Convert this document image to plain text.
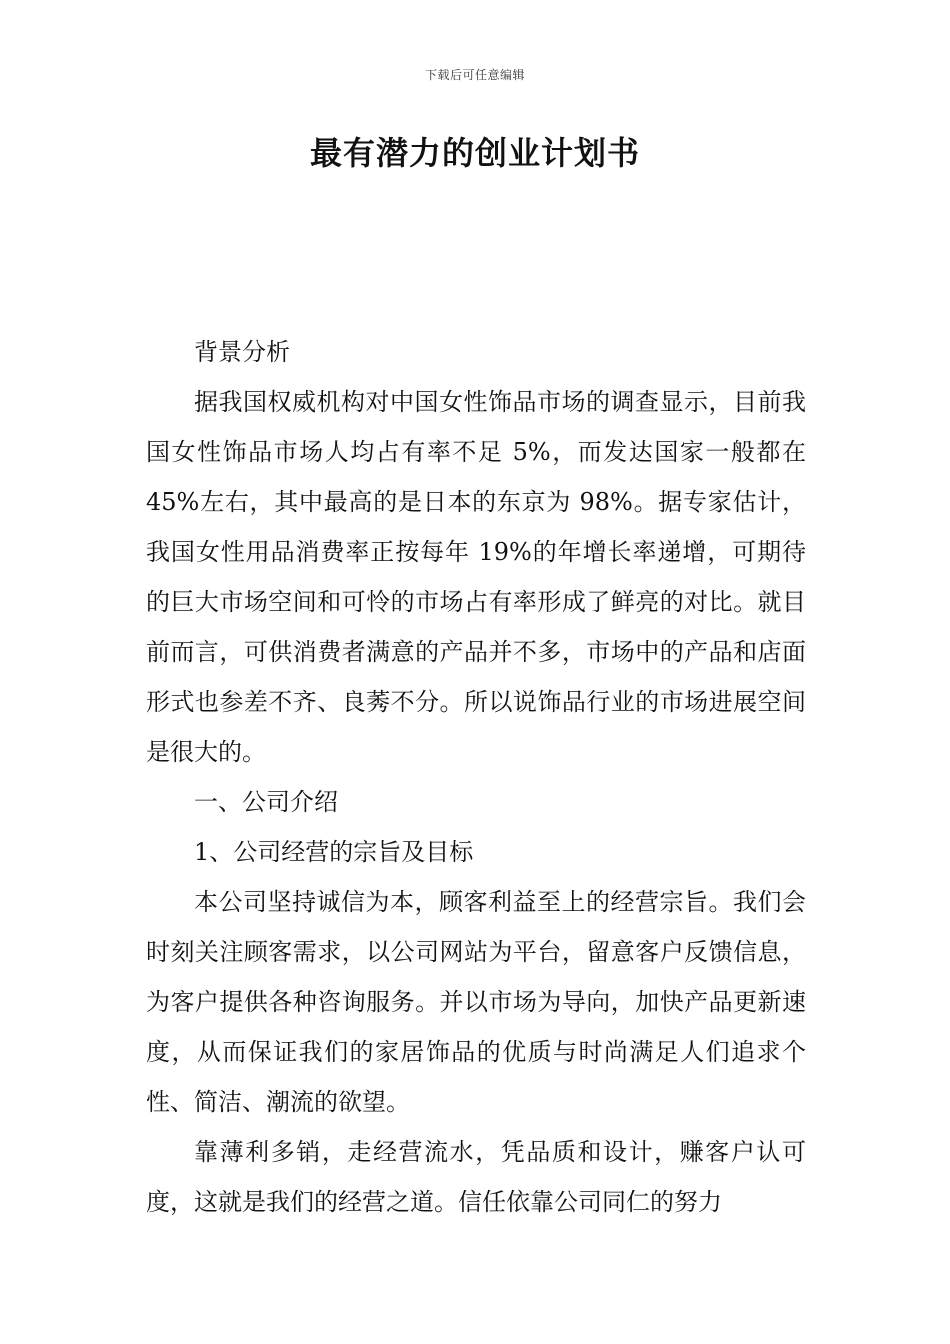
下载后可任意编辑
最有潜力的创业计划书

背景分析

据我国权威机构对中国女性饰品市场的调查显示，目前我国女性饰品市场人均占有率不足 5%，而发达国家一般都在 45%左右，其中最高的是日本的东京为 98%。据专家估计，我国女性用品消费率正按每年 19%的年增长率递增，可期待的巨大市场空间和可怜的市场占有率形成了鲜亮的对比。就目前而言，可供消费者满意的产品并不多，市场中的产品和店面形式也参差不齐、良莠不分。所以说饰品行业的市场进展空间是很大的。

一、公司介绍

1、公司经营的宗旨及目标

本公司坚持诚信为本，顾客利益至上的经营宗旨。我们会时刻关注顾客需求，以公司网站为平台，留意客户反馈信息，为客户提供各种咨询服务。并以市场为导向，加快产品更新速度，从而保证我们的家居饰品的优质与时尚满足人们追求个性、简洁、潮流的欲望。

靠薄利多销，走经营流水，凭品质和设计，赚客户认可度，这就是我们的经营之道。信任依靠公司同仁的努力
